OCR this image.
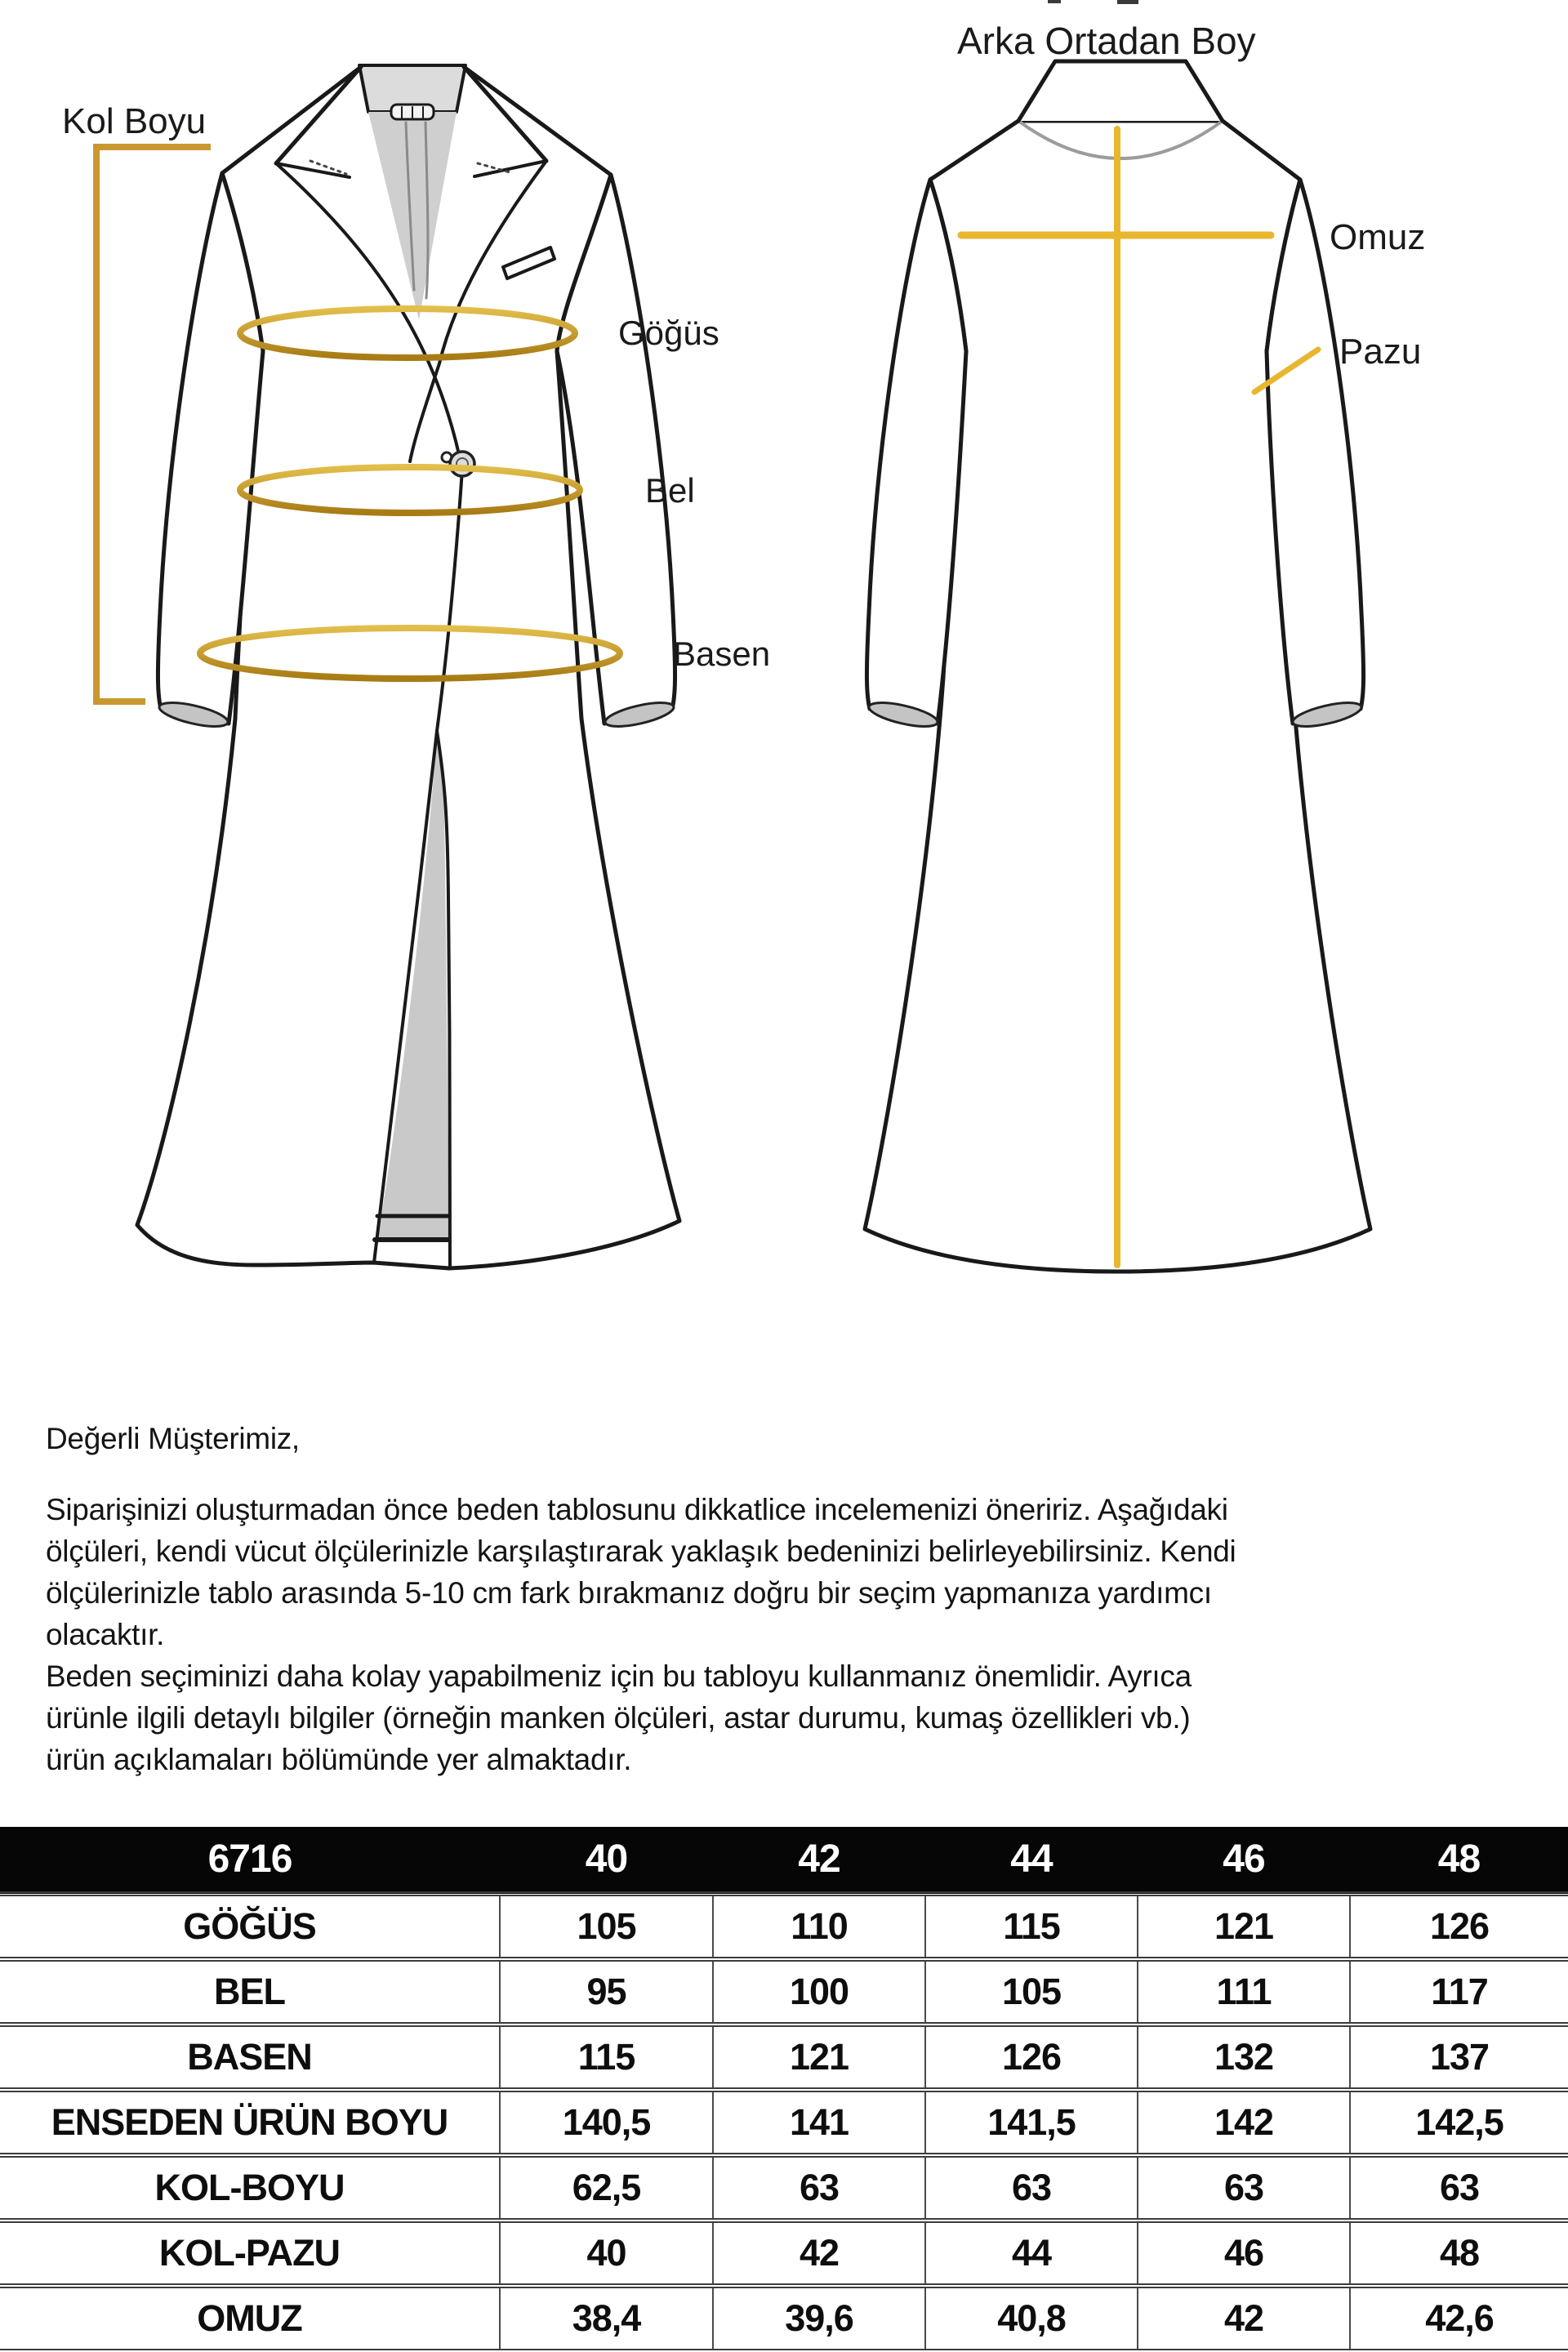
Kol Boyu
Arka Ortadan Boy
Göğüs
Bel
Basen
Omuz
Pazu
Değerli Müşterimiz,
Siparişinizi oluşturmadan önce beden tablosunu dikkatlice incelemenizi öneririz. Aşağıdaki
ölçüleri, kendi vücut ölçülerinizle karşılaştırarak yaklaşık bedeninizi belirleyebilirsiniz. Kendi
ölçülerinizle tablo arasında 5-10 cm fark bırakmanız doğru bir seçim yapmanıza yardımcı
olacaktır.
Beden seçiminizi daha kolay yapabilmeniz için bu tabloyu kullanmanız önemlidir. Ayrıca
ürünle ilgili detaylı bilgiler (örneğin manken ölçüleri, astar durumu, kumaş özellikleri vb.)
ürün açıklamaları bölümünde yer almaktadır.
6716	40	42	44	46	48
GÖĞÜS	105	110	115	121	126
BEL	95	100	105	111	117
BASEN	115	121	126	132	137
ENSEDEN ÜRÜN BOYU	140,5	141	141,5	142	142,5
KOL-BOYU	62,5	63	63	63	63
KOL-PAZU	40	42	44	46	48
OMUZ	38,4	39,6	40,8	42	42,6
